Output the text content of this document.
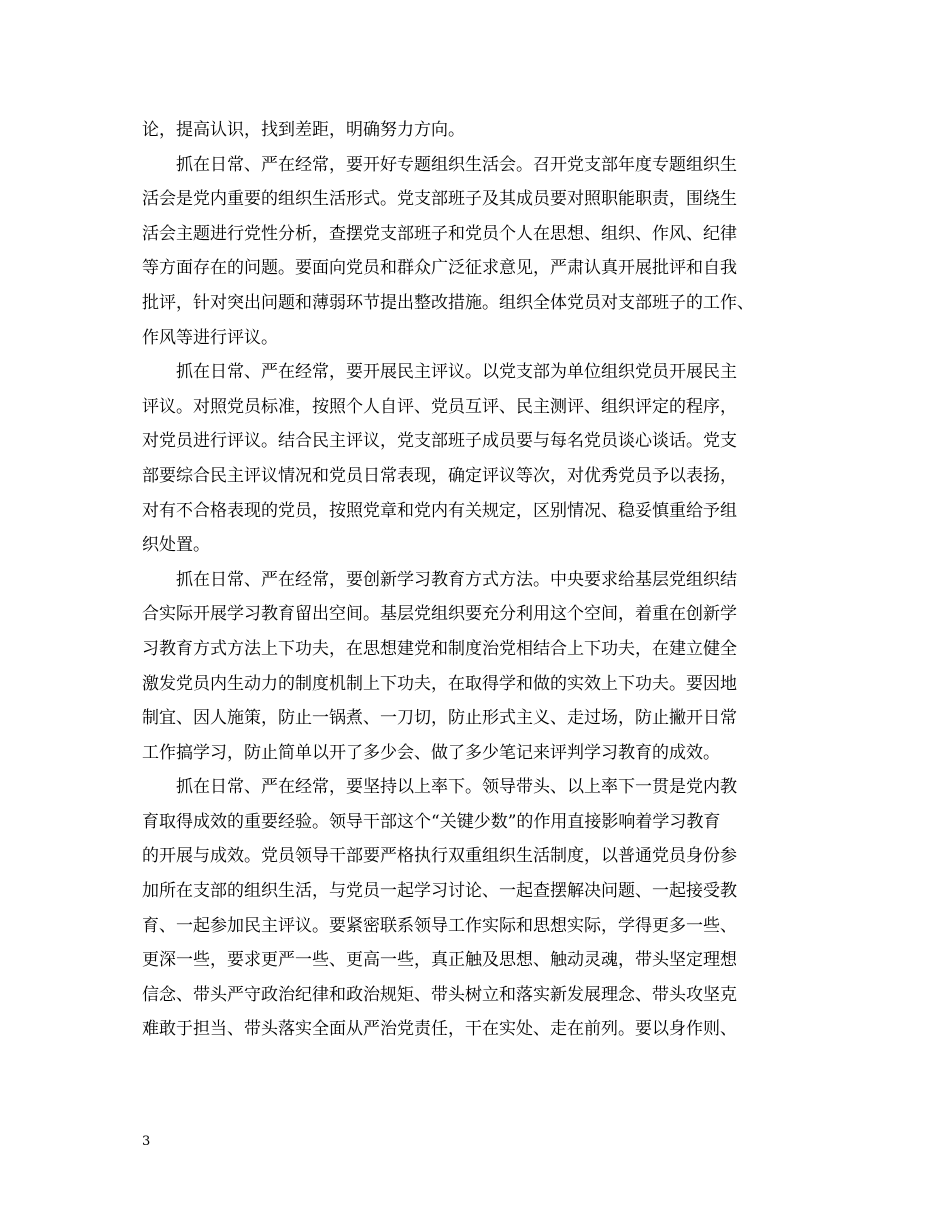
论，提高认识，找到差距，明确努力方向。
　　抓在日常、严在经常，要开好专题组织生活会。召开党支部年度专题组织生
活会是党内重要的组织生活形式。党支部班子及其成员要对照职能职责，围绕生
活会主题进行党性分析，查摆党支部班子和党员个人在思想、组织、作风、纪律
等方面存在的问题。要面向党员和群众广泛征求意见，严肃认真开展批评和自我
批评，针对突出问题和薄弱环节提出整改措施。组织全体党员对支部班子的工作、
作风等进行评议。
　　抓在日常、严在经常，要开展民主评议。以党支部为单位组织党员开展民主
评议。对照党员标准，按照个人自评、党员互评、民主测评、组织评定的程序，
对党员进行评议。结合民主评议，党支部班子成员要与每名党员谈心谈话。党支
部要综合民主评议情况和党员日常表现，确定评议等次，对优秀党员予以表扬，
对有不合格表现的党员，按照党章和党内有关规定，区别情况、稳妥慎重给予组
织处置。
　　抓在日常、严在经常，要创新学习教育方式方法。中央要求给基层党组织结
合实际开展学习教育留出空间。基层党组织要充分利用这个空间，着重在创新学
习教育方式方法上下功夫，在思想建党和制度治党相结合上下功夫，在建立健全
激发党员内生动力的制度机制上下功夫，在取得学和做的实效上下功夫。要因地
制宜、因人施策，防止一锅煮、一刀切，防止形式主义、走过场，防止撇开日常
工作搞学习，防止简单以开了多少会、做了多少笔记来评判学习教育的成效。
　　抓在日常、严在经常，要坚持以上率下。领导带头、以上率下一贯是党内教
育取得成效的重要经验。领导干部这个“关键少数”的作用直接影响着学习教育
的开展与成效。党员领导干部要严格执行双重组织生活制度，以普通党员身份参
加所在支部的组织生活，与党员一起学习讨论、一起查摆解决问题、一起接受教
育、一起参加民主评议。要紧密联系领导工作实际和思想实际，学得更多一些、
更深一些，要求更严一些、更高一些，真正触及思想、触动灵魂，带头坚定理想
信念、带头严守政治纪律和政治规矩、带头树立和落实新发展理念、带头攻坚克
难敢于担当、带头落实全面从严治党责任，干在实处、走在前列。要以身作则、
3
